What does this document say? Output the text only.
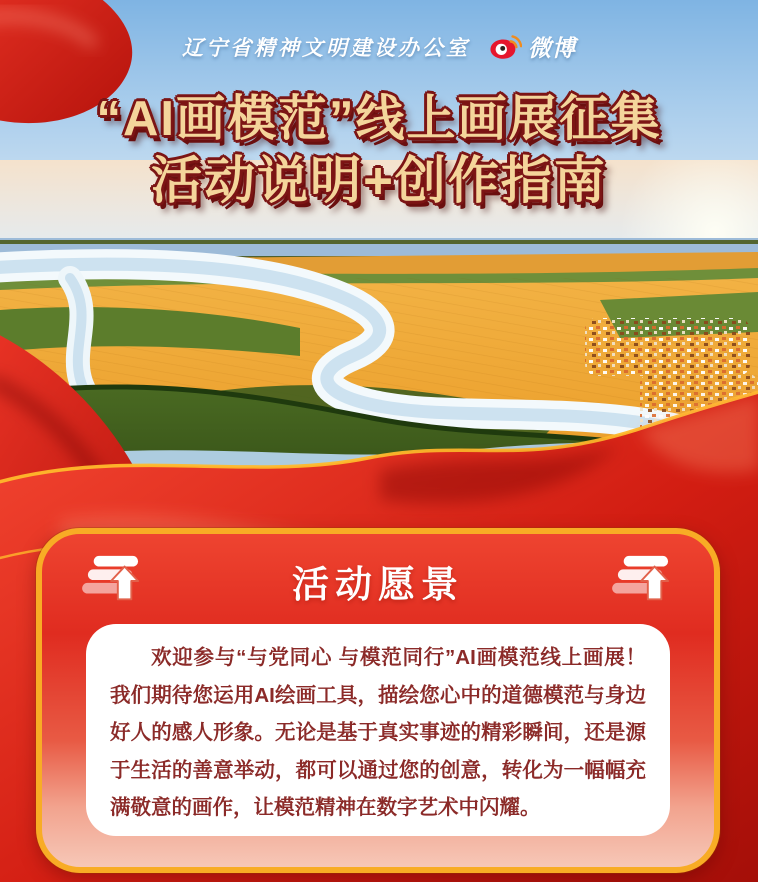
辽宁省精神文明建设办公室	微博
“AI画模范”线上画展征集
活动说明+创作指南
活动愿景

欢迎参与“与党同心 与模范同行”AI画模范线上画展！我们期待您运用AI绘画工具，描绘您心中的道德模范与身边好人的感人形象。无论是基于真实事迹的精彩瞬间，还是源于生活的善意举动，都可以通过您的创意，转化为一幅幅充满敬意的画作，让模范精神在数字艺术中闪耀。
